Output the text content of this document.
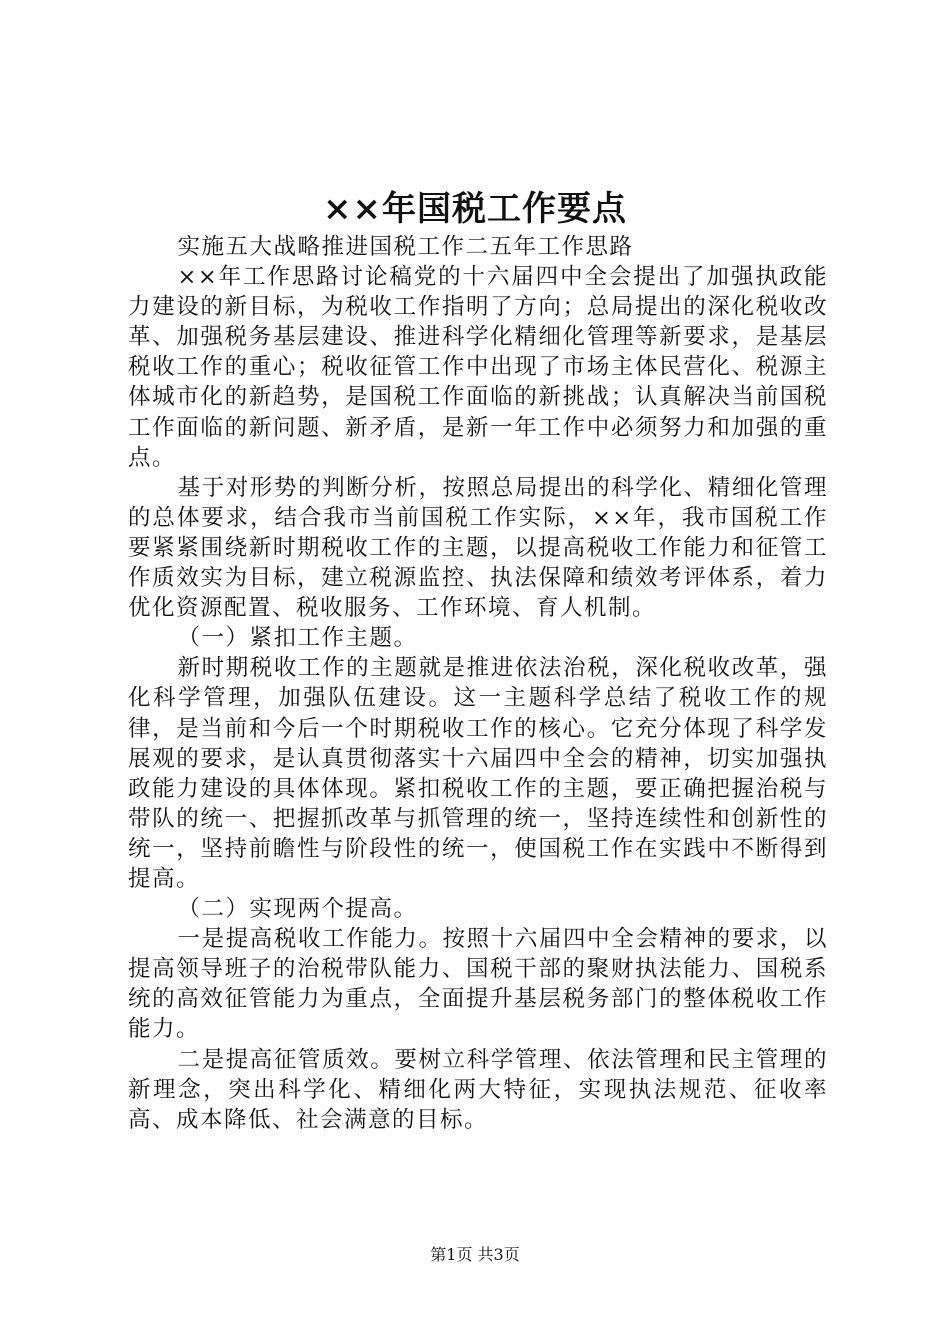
××年国税工作要点

实施五大战略推进国税工作二五年工作思路

××年工作思路讨论稿党的十六届四中全会提出了加强执政能力建设的新目标，为税收工作指明了方向；总局提出的深化税收改革、加强税务基层建设、推进科学化精细化管理等新要求，是基层税收工作的重心；税收征管工作中出现了市场主体民营化、税源主体城市化的新趋势，是国税工作面临的新挑战；认真解决当前国税工作面临的新问题、新矛盾，是新一年工作中必须努力和加强的重点。

基于对形势的判断分析，按照总局提出的科学化、精细化管理的总体要求，结合我市当前国税工作实际，××年，我市国税工作要紧紧围绕新时期税收工作的主题，以提高税收工作能力和征管工作质效实为目标，建立税源监控、执法保障和绩效考评体系，着力优化资源配置、税收服务、工作环境、育人机制。

（一）紧扣工作主题。

新时期税收工作的主题就是推进依法治税，深化税收改革，强化科学管理，加强队伍建设。这一主题科学总结了税收工作的规律，是当前和今后一个时期税收工作的核心。它充分体现了科学发展观的要求，是认真贯彻落实十六届四中全会的精神，切实加强执政能力建设的具体体现。紧扣税收工作的主题，要正确把握治税与带队的统一、把握抓改革与抓管理的统一，坚持连续性和创新性的统一，坚持前瞻性与阶段性的统一，使国税工作在实践中不断得到提高。

（二）实现两个提高。

一是提高税收工作能力。按照十六届四中全会精神的要求，以提高领导班子的治税带队能力、国税干部的聚财执法能力、国税系统的高效征管能力为重点，全面提升基层税务部门的整体税收工作能力。

二是提高征管质效。要树立科学管理、依法管理和民主管理的新理念，突出科学化、精细化两大特征，实现执法规范、征收率高、成本降低、社会满意的目标。

第1页 共3页
